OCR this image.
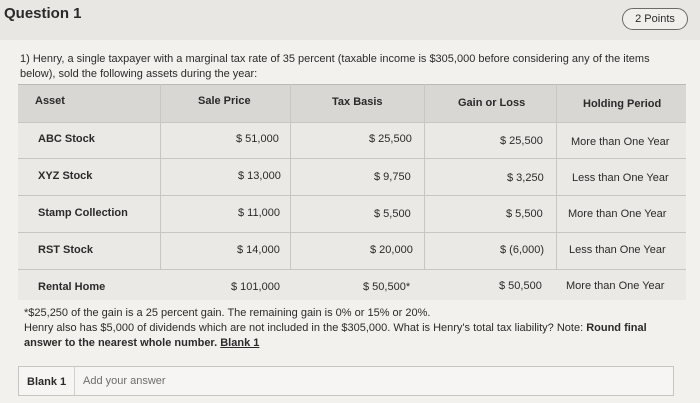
Question 1	2 Points
1) Henry, a single taxpayer with a marginal tax rate of 35 percent (taxable income is $305,000 before considering any of the items below), sold the following assets during the year:
Asset	Sale Price	Tax Basis	Gain or Loss	Holding Period
ABC Stock	$ 51,000	$ 25,500	$ 25,500	More than One Year
XYZ Stock	$ 13,000	$ 9,750	$ 3,250	Less than One Year
Stamp Collection	$ 11,000	$ 5,500	$ 5,500 More than One Year
RST Stock	$ 14,000	$ 20,000	$ (6,000) Less than One Year
Rental Home	$ 101,000	$ 50,500*	$ 50,500 More than One Year
*$25,250 of the gain is a 25 percent gain. The remaining gain is 0% or 15% or 20%.
Henry also has $5,000 of dividends which are not included in the $305,000. What is Henry's total tax liability? Note: Round final answer to the nearest whole number. Blank 1
Blank 1
Add your answer
